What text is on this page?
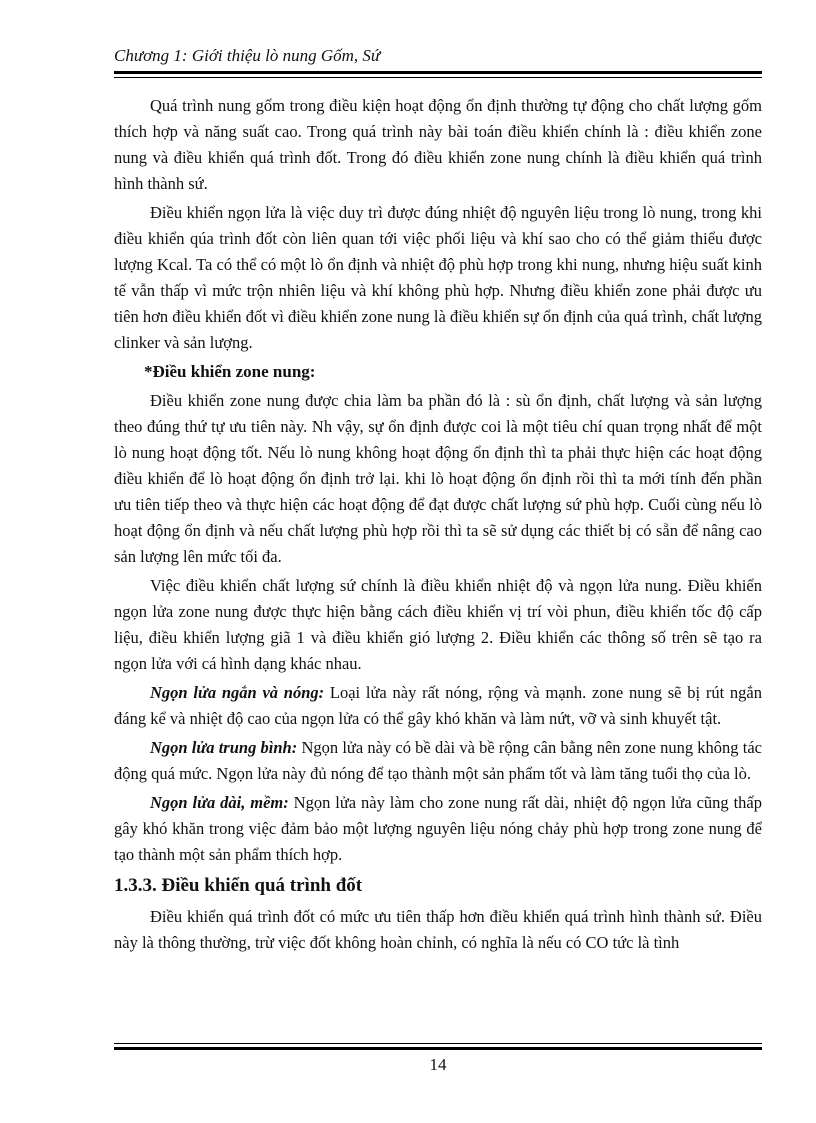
Chương 1: Giới thiệu lò nung Gốm, Sứ

Quá trình nung gốm trong điều kiện hoạt động ổn định thường tự động cho chất lượng gốm thích hợp và năng suất cao. Trong quá trình này bài toán điều khiển chính là : điều khiển zone nung và điều khiển quá trình đốt. Trong đó điều khiển zone nung chính là điều khiển quá trình hình thành sứ.

Điều khiển ngọn lửa là việc duy trì được đúng nhiệt độ nguyên liệu trong lò nung, trong khi điều khiển qúa trình đốt còn liên quan tới việc phối liệu và khí sao cho có thể giảm thiểu được lượng Kcal. Ta có thể có một lò ổn định và nhiệt độ phù hợp trong khi nung, nhưng hiệu suất kinh tế vẫn thấp vì mức trộn nhiên liệu và khí không phù hợp. Nhưng điều khiển zone phải được ưu tiên hơn điều khiển đốt vì điều khiển zone nung là điều khiển sự ổn định của quá trình, chất lượng clinker và sản lượng.

*Điều khiển zone nung:

Điều khiển zone nung được chia làm ba phần đó là : sù ổn định, chất lượng và sản lượng theo đúng thứ tự ưu tiên này. Nh vậy, sự ổn định được coi là một tiêu chí quan trọng nhất để một lò nung hoạt động tốt. Nếu lò nung không hoạt động ổn định thì ta phải thực hiện các hoạt động điều khiển để lò hoạt động ổn định trở lại. khi lò hoạt động ổn định rồi thì ta mới tính đến phần ưu tiên tiếp theo và thực hiện các hoạt động để đạt được chất lượng sứ phù hợp. Cuối cùng nếu lò hoạt động ổn định và nếu chất lượng phù hợp rồi thì ta sẽ sử dụng các thiết bị có sẵn để nâng cao sản lượng lên mức tối đa.

Việc điều khiển chất lượng sứ chính là điều khiển nhiệt độ và ngọn lửa nung. Điều khiển ngọn lửa zone nung được thực hiện bằng cách điều khiển vị trí vòi phun, điều khiển tốc độ cấp liệu, điều khiển lượng giã 1 và điều khiển gió lượng 2. Điều khiển các thông số trên sẽ tạo ra ngọn lửa với cá hình dạng khác nhau.

Ngọn lửa ngắn và nóng: Loại lửa này rất nóng, rộng và mạnh. zone nung sẽ bị rút ngắn đáng kể và nhiệt độ cao của ngọn lửa có thể gây khó khăn và làm nứt, vỡ và sinh khuyết tật.

Ngọn lửa trung bình: Ngọn lửa này có bề dài và bề rộng cân bằng nên zone nung không tác động quá mức. Ngọn lửa này đủ nóng để tạo thành một sản phẩm tốt và làm tăng tuổi thọ của lò.

Ngọn lửa dài, mềm: Ngọn lửa này làm cho zone nung rất dài, nhiệt độ ngọn lửa cũng thấp gây khó khăn trong việc đảm bảo một lượng nguyên liệu nóng chảy phù hợp trong zone nung để tạo thành một sản phẩm thích hợp.

1.3.3. Điều khiển quá trình đốt

Điều khiển quá trình đốt có mức ưu tiên thấp hơn điều khiển quá trình hình thành sứ. Điều này là thông thường, trừ việc đốt không hoàn chỉnh, có nghĩa là nếu có CO tức là tình

14
